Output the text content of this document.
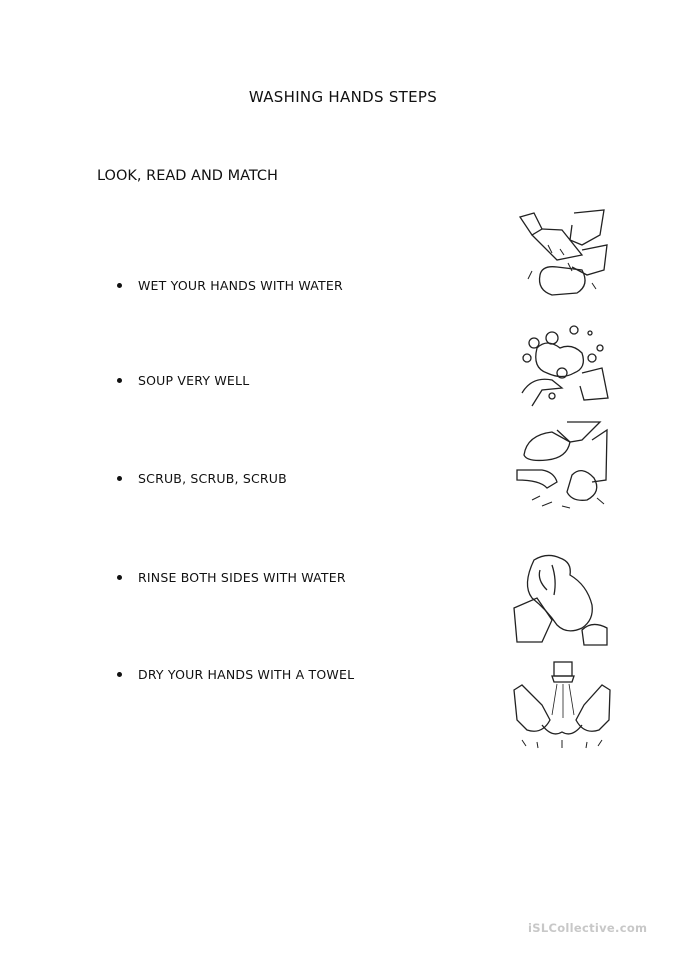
WASHING HANDS STEPS
LOOK, READ AND MATCH
WET YOUR HANDS WITH WATER
SOUP VERY WELL
SCRUB, SCRUB, SCRUB
RINSE BOTH SIDES WITH WATER
DRY YOUR HANDS WITH A TOWEL
iSLCollective.com
